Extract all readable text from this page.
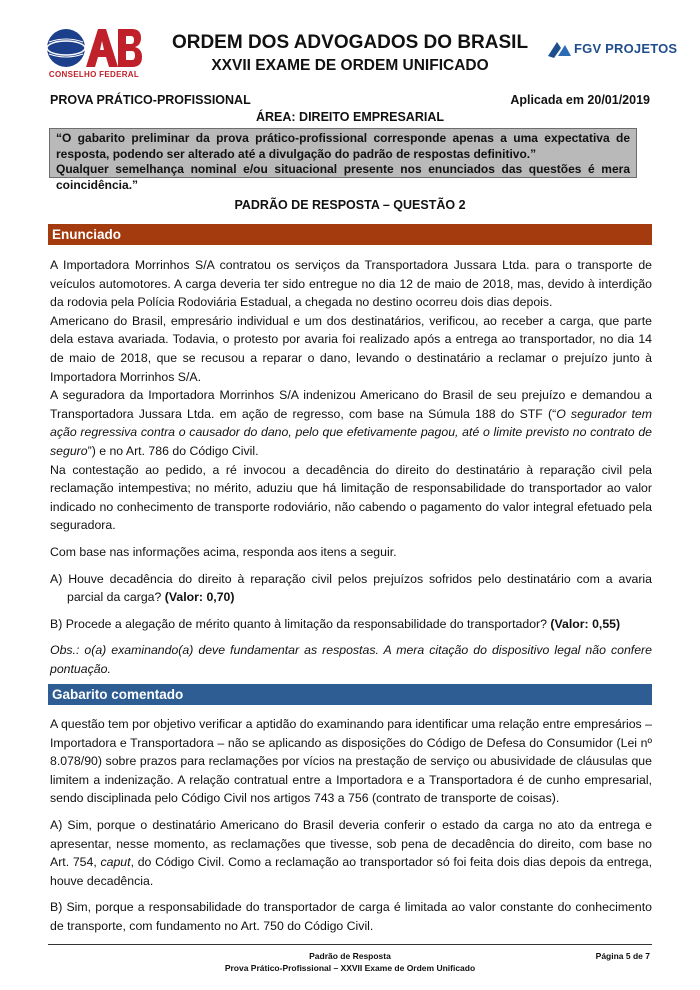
CONSELHO FEDERAL
ORDEM DOS ADVOGADOS DO BRASIL
XXVII EXAME DE ORDEM UNIFICADO
FGV PROJETOS
PROVA PRÁTICO-PROFISSIONAL	Aplicada em 20/01/2019
ÁREA: DIREITO EMPRESARIAL
“O gabarito preliminar da prova prático-profissional corresponde apenas a uma expectativa de resposta, podendo ser alterado até a divulgação do padrão de respostas definitivo.”
Qualquer semelhança nominal e/ou situacional presente nos enunciados das questões é mera coincidência.”
PADRÃO DE RESPOSTA – QUESTÃO 2
Enunciado

A Importadora Morrinhos S/A contratou os serviços da Transportadora Jussara Ltda. para o transporte de veículos automotores. A carga deveria ter sido entregue no dia 12 de maio de 2018, mas, devido à interdição da rodovia pela Polícia Rodoviária Estadual, a chegada no destino ocorreu dois dias depois.

Americano do Brasil, empresário individual e um dos destinatários, verificou, ao receber a carga, que parte dela estava avariada. Todavia, o protesto por avaria foi realizado após a entrega ao transportador, no dia 14 de maio de 2018, que se recusou a reparar o dano, levando o destinatário a reclamar o prejuízo junto à Importadora Morrinhos S/A.

A seguradora da Importadora Morrinhos S/A indenizou Americano do Brasil de seu prejuízo e demandou a Transportadora Jussara Ltda. em ação de regresso, com base na Súmula 188 do STF (“O segurador tem ação regressiva contra o causador do dano, pelo que efetivamente pagou, até o limite previsto no contrato de seguro”) e no Art. 786 do Código Civil.

Na contestação ao pedido, a ré invocou a decadência do direito do destinatário à reparação civil pela reclamação intempestiva; no mérito, aduziu que há limitação de responsabilidade do transportador ao valor indicado no conhecimento de transporte rodoviário, não cabendo o pagamento do valor integral efetuado pela seguradora.

Com base nas informações acima, responda aos itens a seguir.

A) Houve decadência do direito à reparação civil pelos prejuízos sofridos pelo destinatário com a avaria parcial da carga? (Valor: 0,70)

B) Procede a alegação de mérito quanto à limitação da responsabilidade do transportador? (Valor: 0,55)

Obs.: o(a) examinando(a) deve fundamentar as respostas. A mera citação do dispositivo legal não confere pontuação.

Gabarito comentado

A questão tem por objetivo verificar a aptidão do examinando para identificar uma relação entre empresários – Importadora e Transportadora – não se aplicando as disposições do Código de Defesa do Consumidor (Lei nº 8.078/90) sobre prazos para reclamações por vícios na prestação de serviço ou abusividade de cláusulas que limitem a indenização. A relação contratual entre a Importadora e a Transportadora é de cunho empresarial, sendo disciplinada pelo Código Civil nos artigos 743 a 756 (contrato de transporte de coisas).

A) Sim, porque o destinatário Americano do Brasil deveria conferir o estado da carga no ato da entrega e apresentar, nesse momento, as reclamações que tivesse, sob pena de decadência do direito, com base no Art. 754, caput, do Código Civil. Como a reclamação ao transportador só foi feita dois dias depois da entrega, houve decadência.

B) Sim, porque a responsabilidade do transportador de carga é limitada ao valor constante do conhecimento de transporte, com fundamento no Art. 750 do Código Civil.

Padrão de Resposta
Prova Prático-Profissional – XXVII Exame de Ordem Unificado
Página 5 de 7
